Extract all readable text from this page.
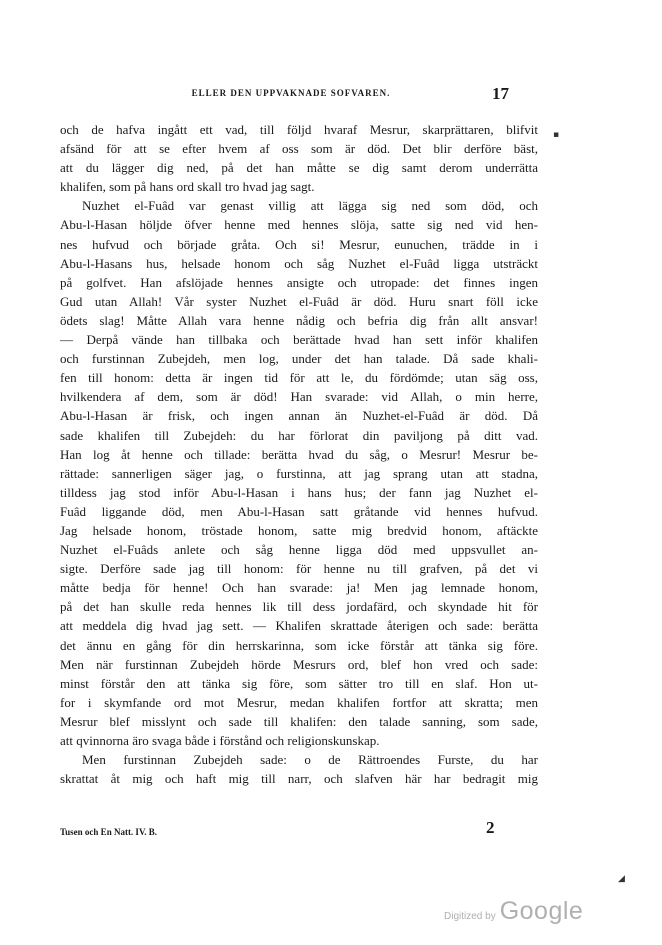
ELLER DEN UPPVAKNADE SOFVAREN.	17
och de hafva ingått ett vad, till följd hvaraf Mesrur, skarprättaren, blifvit
afsänd för att se efter hvem af oss som är död. Det blir derföre bäst,
att du lägger dig ned, på det han måtte se dig samt derom underrätta
khalifen, som på hans ord skall tro hvad jag sagt.
Nuzhet el-Fuâd var genast villig att lägga sig ned som död, och
Abu-l-Hasan höljde öfver henne med hennes slöja, satte sig ned vid hen-
nes hufvud och började gråta. Och si! Mesrur, eunuchen, trädde in i
Abu-l-Hasans hus, helsade honom och såg Nuzhet el-Fuâd ligga utsträckt
på golfvet. Han afslöjade hennes ansigte och utropade: det finnes ingen
Gud utan Allah! Vår syster Nuzhet el-Fuâd är död. Huru snart föll icke
ödets slag! Måtte Allah vara henne nådig och befria dig från allt ansvar!
— Derpå vände han tillbaka och berättade hvad han sett inför khalifen
och furstinnan Zubejdeh, men log, under det han talade. Då sade khali-
fen till honom: detta är ingen tid för att le, du fördömde; utan säg oss,
hvilkendera af dem, som är död! Han svarade: vid Allah, o min herre,
Abu-l-Hasan är frisk, och ingen annan än Nuzhet-el-Fuâd är död. Då
sade khalifen till Zubejdeh: du har förlorat din paviljong på ditt vad.
Han log åt henne och tillade: berätta hvad du såg, o Mesrur! Mesrur be-
rättade: sannerligen säger jag, o furstinna, att jag sprang utan att stadna,
tilldess jag stod inför Abu-l-Hasan i hans hus; der fann jag Nuzhet el-
Fuâd liggande död, men Abu-l-Hasan satt gråtande vid hennes hufvud.
Jag helsade honom, tröstade honom, satte mig bredvid honom, aftäckte
Nuzhet el-Fuâds anlete och såg henne ligga död med uppsvullet an-
sigte. Derföre sade jag till honom: för henne nu till grafven, på det vi
måtte bedja för henne! Och han svarade: ja! Men jag lemnade honom,
på det han skulle reda hennes lik till dess jordafärd, och skyndade hit för
att meddela dig hvad jag sett. — Khalifen skrattade återigen och sade: berätta
det ännu en gång för din herrskarinna, som icke förstår att tänka sig före.
Men när furstinnan Zubejdeh hörde Mesrurs ord, blef hon vred och sade:
minst förstår den att tänka sig före, som sätter tro till en slaf. Hon ut-
for i skymfande ord mot Mesrur, medan khalifen fortfor att skratta; men
Mesrur blef misslynt och sade till khalifen: den talade sanning, som sade,
att qvinnorna äro svaga både i förstånd och religionskunskap.
Men furstinnan Zubejdeh sade: o de Rättroendes Furste, du har
skrattat åt mig och haft mig till narr, och slafven här har bedragit mig
Tusen och En Natt. IV. B.	2
▪
◢
Digitized by Google
